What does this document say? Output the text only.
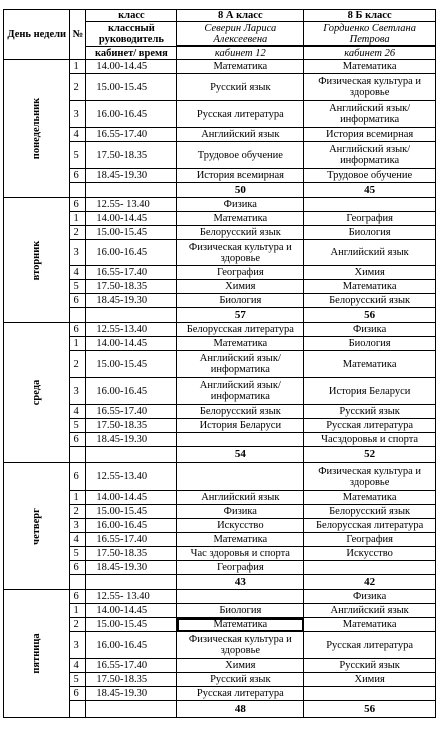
День недели	№	класс	8 А класс	8 Б класс
		классный руководитель	Северин Лариса Алексеевена	Гордиенко Светлана Петрова

		кабинет/ время	кабинет 12	кабинет 26

понедельник	1	14.00-14.45	Математика	Математика
	2	15.00-15.45	Русский язык	Физическая культура и здоровье
	3	16.00-16.45	Русская литература	Английский язык/информатика
	4	16.55-17.40	Английский язык	История всемирная
	5	17.50-18.35	Трудовое обучение	Английский язык/информатика
	6	18.45-19.30	История всемирная	Трудовое обучение
			50	45

вторник	6	12.55- 13.40	Физика	
	1	14.00-14.45	Математика	География
	2	15.00-15.45	Белорусский язык	Биология
	3	16.00-16.45	Физическая культура и здоровье	Английский язык
	4	16.55-17.40	География	Химия
	5	17.50-18.35	Химия	Математика
	6	18.45-19.30	Биология	Белорусский язык
			57	56

среда	6	12.55-13.40	Белорусская литература	Физика
	1	14.00-14.45	Математика	Биология
	2	15.00-15.45	Английский язык/информатика	Математика
	3	16.00-16.45	Английский язык/информатика	История Беларуси
	4	16.55-17.40	Белорусский язык	Русский язык
	5	17.50-18.35	История Беларуси	Русская литература
	6	18.45-19.30		Часздоровья и спорта
			54	52

четверг	6	12.55-13.40		Физическая культура и здоровье
	1	14.00-14.45	Английский язык	Математика
	2	15.00-15.45	Физика	Белорусский язык
	3	16.00-16.45	Искусство	Белорусская литература
	4	16.55-17.40	Математика	География
	5	17.50-18.35	Час здоровья и спорта	Искусство
	6	18.45-19.30	География	
			43	42

пятница	6	12.55- 13.40		Физика
	1	14.00-14.45	Биология	Английский язык
	2	15.00-15.45	Математика	Математика
	3	16.00-16.45	Физическая культура и здоровье	Русская литература
	4	16.55-17.40	Химия	Русский язык
	5	17.50-18.35	Русский язык	Химия
	6	18.45-19.30	Русская литература	
			48	56
